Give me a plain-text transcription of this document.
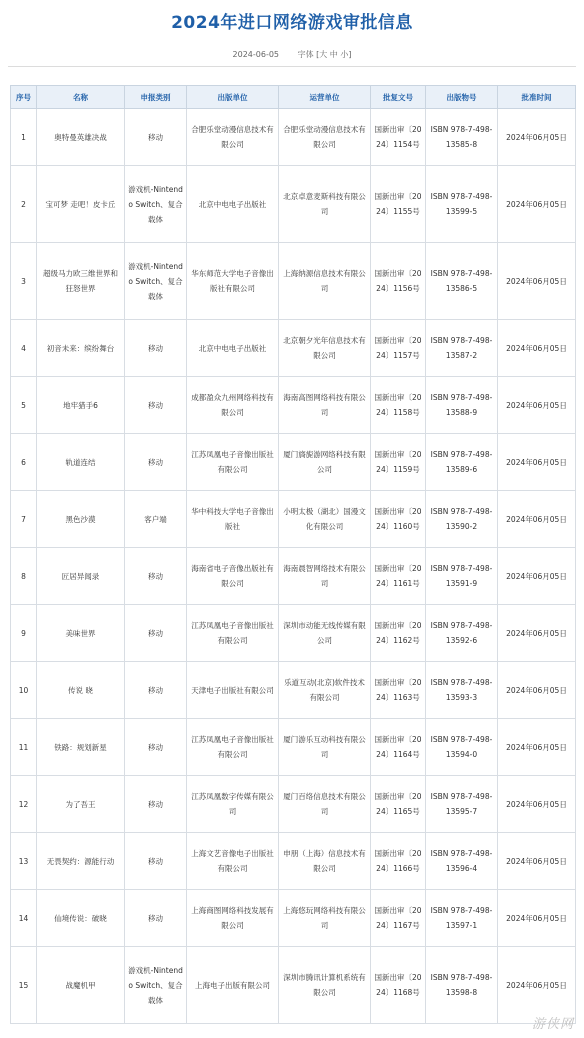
2024年进口网络游戏审批信息
2024-06-05 字体 [大 中 小]
序号	名称	申报类别	出版单位	运营单位	批复文号	出版物号	批准时间
1	奥特曼英雄决战	移动	合肥乐堂动漫信息技术有限公司	合肥乐堂动漫信息技术有限公司	国新出审〔2024〕1154号	ISBN 978-7-498-13585-8	2024年06月05日
2	宝可梦 走吧！皮卡丘	游戏机-Nintendo Switch、复合载体	北京中电电子出版社	北京卓意麦斯科技有限公司	国新出审〔2024〕1155号	ISBN 978-7-498-13599-5	2024年06月05日
3	超级马力欧三维世界和狂怒世界	游戏机-Nintendo Switch、复合载体	华东师范大学电子音像出版社有限公司	上海纳源信息技术有限公司	国新出审〔2024〕1156号	ISBN 978-7-498-13586-5	2024年06月05日
4	初音未来：缤纷舞台	移动	北京中电电子出版社	北京朝夕光年信息技术有限公司	国新出审〔2024〕1157号	ISBN 978-7-498-13587-2	2024年06月05日
5	地牢猎手6	移动	成都盈众九州网络科技有限公司	海南高图网络科技有限公司	国新出审〔2024〕1158号	ISBN 978-7-498-13588-9	2024年06月05日
6	轨道连结	移动	江苏凤凰电子音像出版社有限公司	厦门旖旎游网络科技有限公司	国新出审〔2024〕1159号	ISBN 978-7-498-13589-6	2024年06月05日
7	黑色沙漠	客户端	华中科技大学电子音像出版社	小明太极（湖北）国漫文化有限公司	国新出审〔2024〕1160号	ISBN 978-7-498-13590-2	2024年06月05日
8	匠居异闻录	移动	海南省电子音像出版社有限公司	海南晨智网络技术有限公司	国新出审〔2024〕1161号	ISBN 978-7-498-13591-9	2024年06月05日
9	美味世界	移动	江苏凤凰电子音像出版社有限公司	深圳市动能无线传媒有限公司	国新出审〔2024〕1162号	ISBN 978-7-498-13592-6	2024年06月05日
10	传说 晓	移动	天津电子出版社有限公司	乐道互动(北京)软件技术有限公司	国新出审〔2024〕1163号	ISBN 978-7-498-13593-3	2024年06月05日
11	铁路：规划新星	移动	江苏凤凰电子音像出版社有限公司	厦门游乐互动科技有限公司	国新出审〔2024〕1164号	ISBN 978-7-498-13594-0	2024年06月05日
12	为了吾王	移动	江苏凤凰数字传媒有限公司	厦门百络信息技术有限公司	国新出审〔2024〕1165号	ISBN 978-7-498-13595-7	2024年06月05日
13	无畏契约：源能行动	移动	上海文艺音像电子出版社有限公司	申朋（上海）信息技术有限公司	国新出审〔2024〕1166号	ISBN 978-7-498-13596-4	2024年06月05日
14	仙境传说：破晓	移动	上海商图网络科技发展有限公司	上海悠玩网络科技有限公司	国新出审〔2024〕1167号	ISBN 978-7-498-13597-1	2024年06月05日
15	战魔机甲	游戏机-Nintendo Switch、复合载体	上海电子出版有限公司	深圳市腾讯计算机系统有限公司	国新出审〔2024〕1168号	ISBN 978-7-498-13598-8	2024年06月05日
游侠网
